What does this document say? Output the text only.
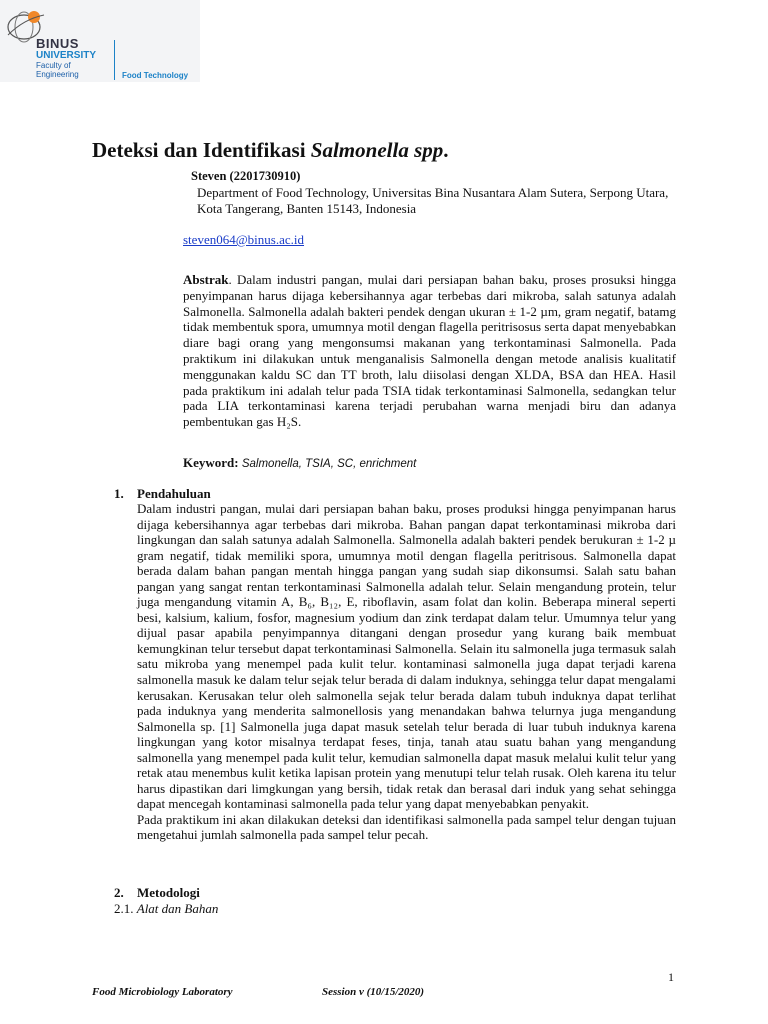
BINUS
UNIVERSITY
Faculty of
Engineering	Food Technology
Deteksi dan Identifikasi Salmonella spp.
Steven (2201730910)
Department of Food Technology, Universitas Bina Nusantara Alam Sutera, Serpong Utara, Kota Tangerang, Banten 15143, Indonesia
steven064@binus.ac.id
Abstrak. Dalam industri pangan, mulai dari persiapan bahan baku, proses prosuksi hingga penyimpanan harus dijaga kebersihannya agar terbebas dari mikroba, salah satunya adalah Salmonella. Salmonella adalah bakteri pendek dengan ukuran ± 1-2 µm, gram negatif, batamg tidak membentuk spora, umumnya motil dengan flagella peritrisosus serta dapat menyebabkan diare bagi orang yang mengonsumsi makanan yang terkontaminasi Salmonella. Pada praktikum ini dilakukan untuk menganalisis Salmonella dengan metode analisis kualitatif menggunakan kaldu SC dan TT broth, lalu diisolasi dengan XLDA, BSA dan HEA. Hasil pada praktikum ini adalah telur pada TSIA tidak terkontaminasi Salmonella, sedangkan telur pada LIA terkontaminasi karena terjadi perubahan warna menjadi biru dan adanya pembentukan gas H₂S.
Keyword: Salmonella, TSIA, SC, enrichment
1. Pendahuluan

Dalam industri pangan, mulai dari persiapan bahan baku, proses produksi hingga penyimpanan harus dijaga kebersihannya agar terbebas dari mikroba. Bahan pangan dapat terkontaminasi mikroba dari lingkungan dan salah satunya adalah Salmonella. Salmonella adalah bakteri pendek berukuran ± 1-2 µ gram negatif, tidak memiliki spora, umumnya motil dengan flagella peritrisous. Salmonella dapat berada dalam bahan pangan mentah hingga pangan yang sudah siap dikonsumsi. Salah satu bahan pangan yang sangat rentan terkontaminasi Salmonella adalah telur. Selain mengandung protein, telur juga mengandung vitamin A, B₆, B₁₂, E, riboflavin, asam folat dan kolin. Beberapa mineral seperti besi, kalsium, kalium, fosfor, magnesium yodium dan zink terdapat dalam telur. Umumnya telur yang dijual pasar apabila penyimpannya ditangani dengan prosedur yang kurang baik membuat kemungkinan telur tersebut dapat terkontaminasi Salmonella. Selain itu salmonella juga termasuk salah satu mikroba yang menempel pada kulit telur. kontaminasi salmonella juga dapat terjadi karena salmonella masuk ke dalam telur sejak telur berada di dalam induknya, sehingga telur dapat mengalami kerusakan. Kerusakan telur oleh salmonella sejak telur berada dalam tubuh induknya dapat terlihat pada induknya yang menderita salmonellosis yang menandakan bahwa telurnya juga mengandung Salmonella sp. [1] Salmonella juga dapat masuk setelah telur berada di luar tubuh induknya karena lingkungan yang kotor misalnya terdapat feses, tinja, tanah atau suatu bahan yang mengandung salmonella yang menempel pada kulit telur, kemudian salmonella dapat masuk melalui kulit telur yang retak atau menembus kulit ketika lapisan protein yang menutupi telur telah rusak. Oleh karena itu telur harus dipastikan dari limgkungan yang bersih, tidak retak dan berasal dari induk yang sehat sehingga dapat mencegah kontaminasi salmonella pada telur yang dapat menyebabkan penyakit.

Pada praktikum ini akan dilakukan deteksi dan identifikasi salmonella pada sampel telur dengan tujuan mengetahui jumlah salmonella pada sampel telur pecah.

2. Metodologi
2.1. Alat dan Bahan
1
Food Microbiology Laboratory	Session v (10/15/2020)
